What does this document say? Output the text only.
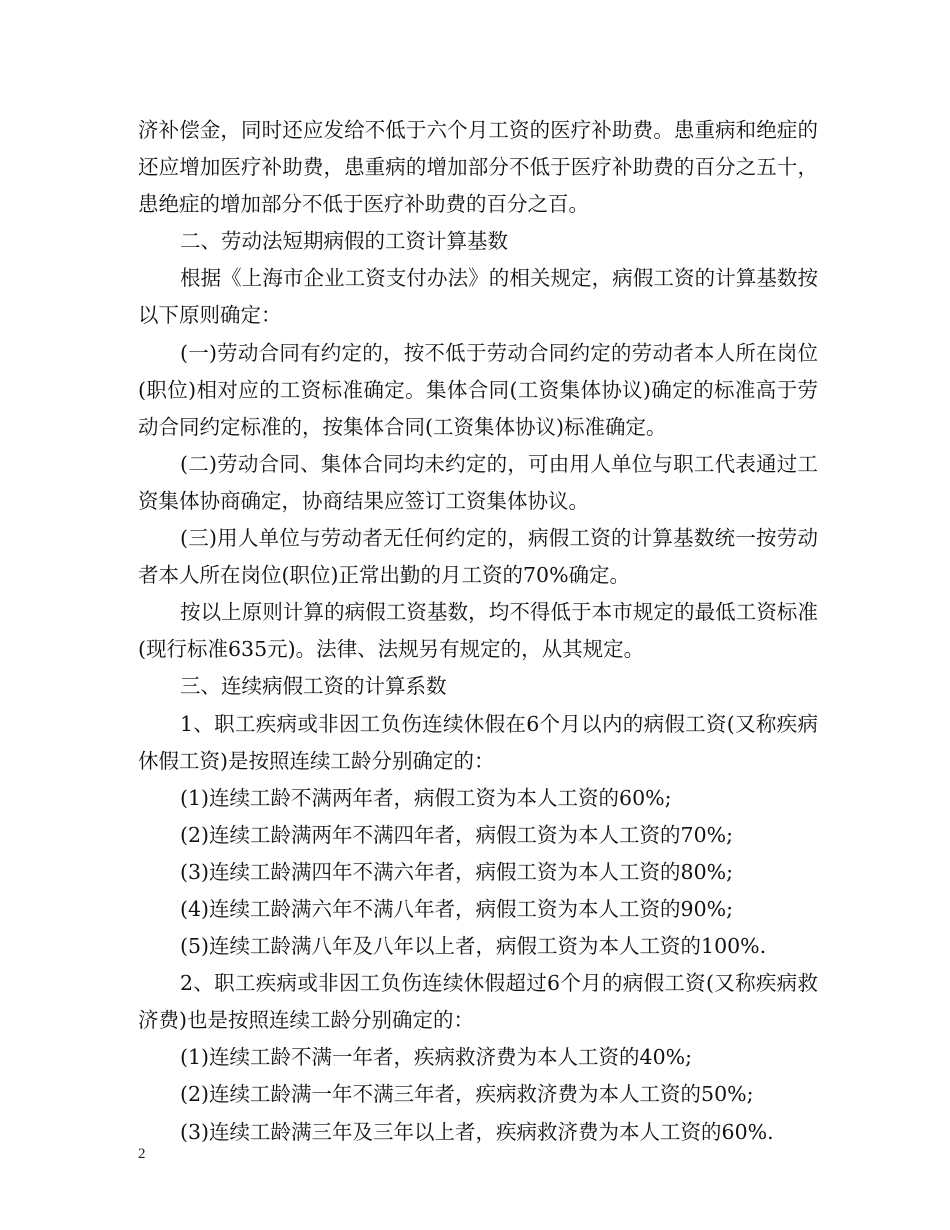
济补偿金，同时还应发给不低于六个月工资的医疗补助费。患重病和绝症的还应增加医疗补助费，患重病的增加部分不低于医疗补助费的百分之五十，患绝症的增加部分不低于医疗补助费的百分之百。

二、劳动法短期病假的工资计算基数

根据《上海市企业工资支付办法》的相关规定，病假工资的计算基数按以下原则确定：

(一)劳动合同有约定的，按不低于劳动合同约定的劳动者本人所在岗位(职位)相对应的工资标准确定。集体合同(工资集体协议)确定的标准高于劳动合同约定标准的，按集体合同(工资集体协议)标准确定。

(二)劳动合同、集体合同均未约定的，可由用人单位与职工代表通过工资集体协商确定，协商结果应签订工资集体协议。

(三)用人单位与劳动者无任何约定的，病假工资的计算基数统一按劳动者本人所在岗位(职位)正常出勤的月工资的70%确定。

按以上原则计算的病假工资基数，均不得低于本市规定的最低工资标准(现行标准635元)。法律、法规另有规定的，从其规定。

三、连续病假工资的计算系数

1、职工疾病或非因工负伤连续休假在6个月以内的病假工资(又称疾病休假工资)是按照连续工龄分别确定的：

(1)连续工龄不满两年者，病假工资为本人工资的60%;

(2)连续工龄满两年不满四年者，病假工资为本人工资的70%;

(3)连续工龄满四年不满六年者，病假工资为本人工资的80%;

(4)连续工龄满六年不满八年者，病假工资为本人工资的90%;

(5)连续工龄满八年及八年以上者，病假工资为本人工资的100%.

2、职工疾病或非因工负伤连续休假超过6个月的病假工资(又称疾病救济费)也是按照连续工龄分别确定的：

(1)连续工龄不满一年者，疾病救济费为本人工资的40%;

(2)连续工龄满一年不满三年者，疾病救济费为本人工资的50%;

(3)连续工龄满三年及三年以上者，疾病救济费为本人工资的60%.

2
